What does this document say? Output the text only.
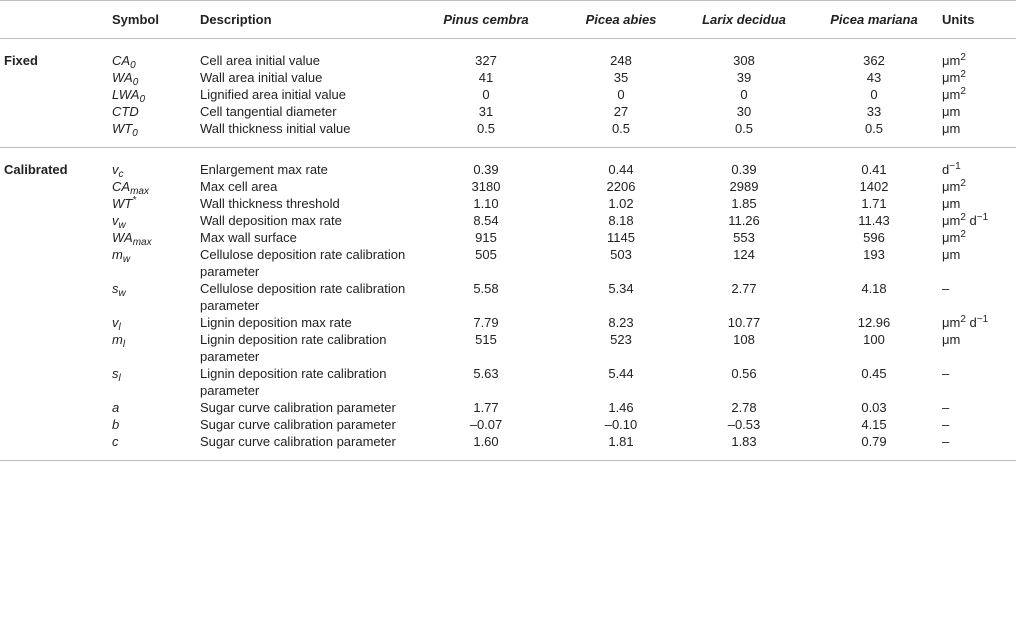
	Symbol	Description	Pinus cembra	Picea abies	Larix decidua	Picea mariana	Units
Fixed	$CA_0$	Cell area initial value	327	248	308	362	$\mu m^2$
	$WA_0$	Wall area initial value	41	35	39	43	$\mu m^2$
	$LWA_0$	Lignified area initial value	0	0	0	0	$\mu m^2$
	CTD	Cell tangential diameter	31	27	30	33	μm
	$WT_0$	Wall thickness initial value	0.5	0.5	0.5	0.5	μm
Calibrated	$v_c$	Enlargement max rate	0.39	0.44	0.39	0.41	$d^{-1}$
	$CA_{max}$	Max cell area	3180	2206	2989	1402	$\mu m^2$
	WT*	Wall thickness threshold	1.10	1.02	1.85	1.71	μm
	$v_w$	Wall deposition max rate	8.54	8.18	11.26	11.43	$\mu m^2$ $d^{-1}$
	$WA_{max}$	Max wall surface	915	1145	553	596	$\mu m^2$
	$m_w$	Cellulose deposition rate calibration parameter	505	503	124	193	μm
	$s_w$	Cellulose deposition rate calibration parameter	5.58	5.34	2.77	4.18	–
	$v_l$	Lignin deposition max rate	7.79	8.23	10.77	12.96	$\mu m^2$ $d^{-1}$
	$m_l$	Lignin deposition rate calibration parameter	515	523	108	100	μm
	$s_l$	Lignin deposition rate calibration parameter	5.63	5.44	0.56	0.45	–
	a	Sugar curve calibration parameter	1.77	1.46	2.78	0.03	–
	b	Sugar curve calibration parameter	–0.07	–0.10	–0.53	4.15	–
	c	Sugar curve calibration parameter	1.60	1.81	1.83	0.79	–
